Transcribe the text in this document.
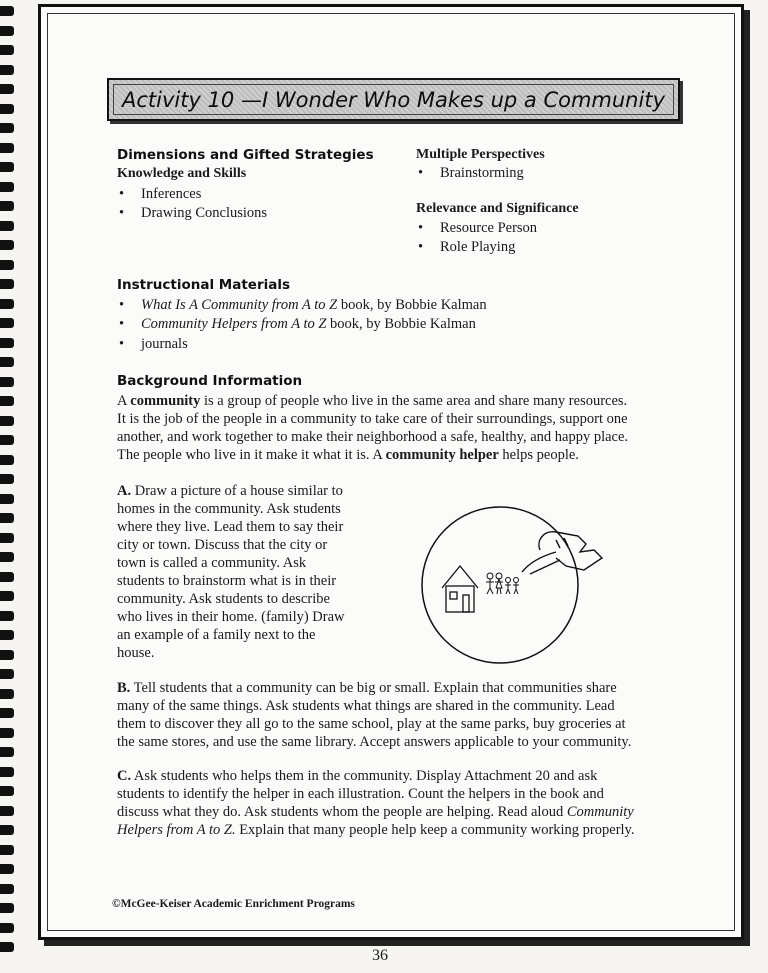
Activity 10 —I Wonder Who Makes up a Community
Dimensions and Gifted Strategies
Knowledge and Skills
• Inferences
• Drawing Conclusions
Multiple Perspectives
• Brainstorming
Relevance and Significance
• Resource Person
• Role Playing
Instructional Materials
• What Is A Community from A to Z book, by Bobbie Kalman
• Community Helpers from A to Z book, by Bobbie Kalman
• journals
Background Information

A community is a group of people who live in the same area and share many resources.

It is the job of the people in a community to take care of their surroundings, support one

another, and work together to make their neighborhood a safe, healthy, and happy place.

The people who live in it make it what it is. A community helper helps people.

A. Draw a picture of a house similar to

homes in the community. Ask students

where they live. Lead them to say their

city or town. Discuss that the city or

town is called a community. Ask

students to brainstorm what is in their

community. Ask students to describe

who lives in their home. (family) Draw

an example of a family next to the

house.

B. Tell students that a community can be big or small. Explain that communities share

many of the same things. Ask students what things are shared in the community. Lead

them to discover they all go to the same school, play at the same parks, buy groceries at

the same stores, and use the same library. Accept answers applicable to your community.

C. Ask students who helps them in the community. Display Attachment 20 and ask

students to identify the helper in each illustration. Count the helpers in the book and

discuss what they do. Ask students whom the people are helping. Read aloud Community

Helpers from A to Z. Explain that many people help keep a community working properly.

©McGee-Keiser Academic Enrichment Programs
36
